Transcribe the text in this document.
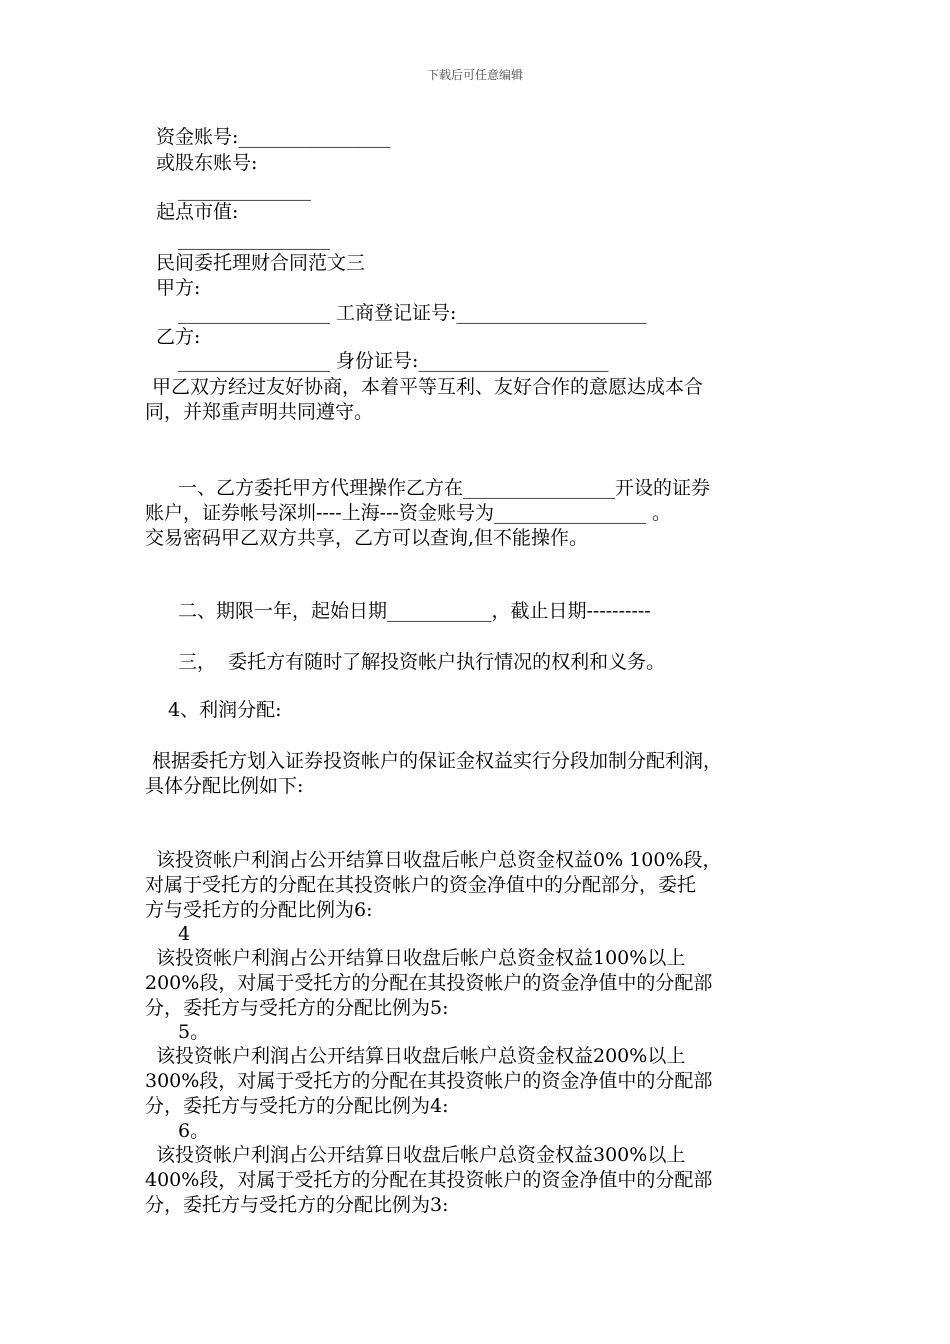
下载后可任意编辑
资金账号:________________
或股东账号:
______________
起点市值:
________________
民间委托理财合同范文三
甲方:
________________ 工商登记证号:____________________
乙方:
________________ 身份证号:____________________
甲乙双方经过友好协商，本着平等互利、友好合作的意愿达成本合
同，并郑重声明共同遵守。
一、乙方委托甲方代理操作乙方在________________开设的证券
账户，证券帐号深圳----上海---资金账号为________________ 。
交易密码甲乙双方共享，乙方可以查询,但不能操作。
二、期限一年，起始日期___________，截止日期----------
三，  委托方有随时了解投资帐户执行情况的权利和义务。
4、利润分配:
根据委托方划入证券投资帐户的保证金权益实行分段加制分配利润，
具体分配比例如下:
该投资帐户利润占公开结算日收盘后帐户总资金权益0% 100%段，
对属于受托方的分配在其投资帐户的资金净值中的分配部分，委托
方与受托方的分配比例为6:
4
该投资帐户利润占公开结算日收盘后帐户总资金权益100%以上
200%段，对属于受托方的分配在其投资帐户的资金净值中的分配部
分，委托方与受托方的分配比例为5:
5。
该投资帐户利润占公开结算日收盘后帐户总资金权益200%以上
300%段，对属于受托方的分配在其投资帐户的资金净值中的分配部
分，委托方与受托方的分配比例为4:
6。
该投资帐户利润占公开结算日收盘后帐户总资金权益300%以上
400%段，对属于受托方的分配在其投资帐户的资金净值中的分配部
分，委托方与受托方的分配比例为3:
